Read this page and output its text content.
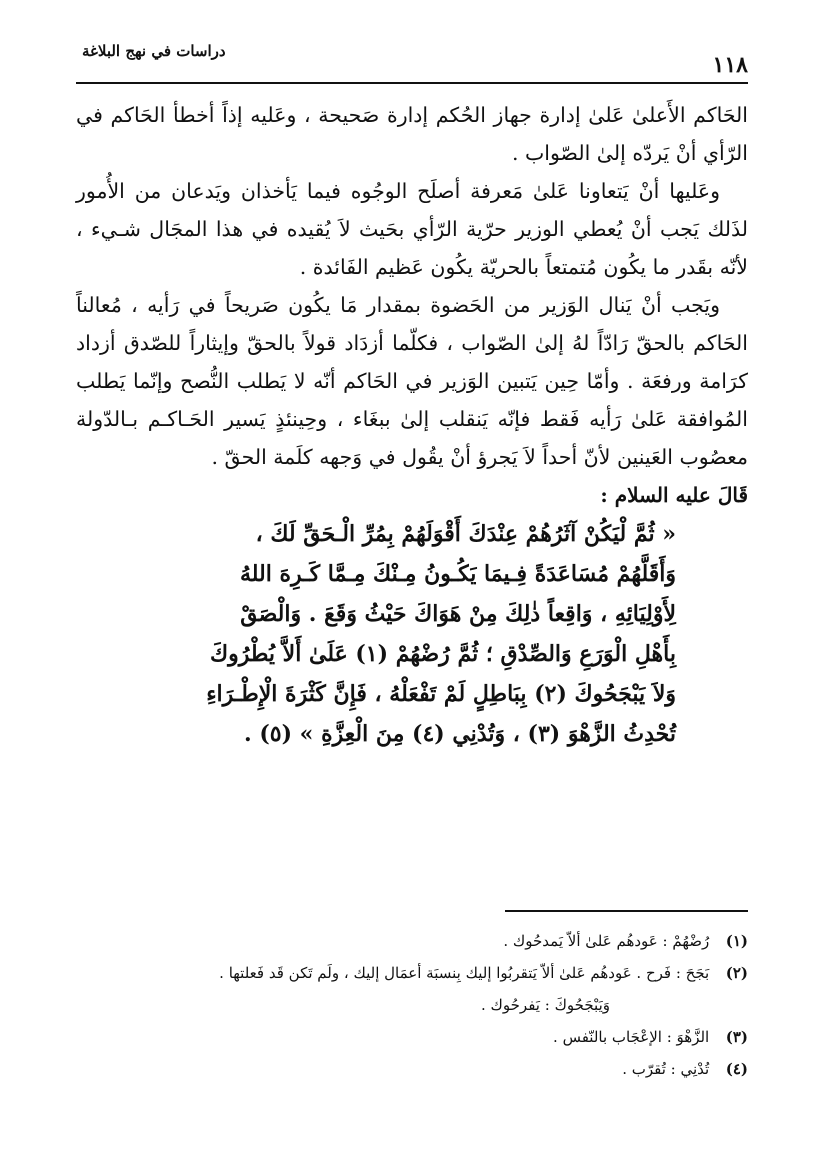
١١٨
دراسات في نهج البلاغة

الحَاكم الأَعلىٰ عَلىٰ إدارة جهاز الحُكم إدارة صَحيحة ، وعَليه إذاً أخطأ الحَاكم في الرّأي أنْ يَردّه إلىٰ الصّواب .

وعَليها أنْ يَتعاونا عَلىٰ مَعرفة أصلَح الوجُوه فيما يَأخذان ويَدعان من الأُمور لذَلك يَجب أنْ يُعطي الوزير حرّية الرّأي بحَيث لاَ يُقيده في هذا المجَال شـيء ، لأنّه بقَدر ما يكُون مُتمتعاً بالحريّة يكُون عَظيم الفَائدة .

ويَجب أنْ يَنال الوَزير من الحَضوة بمقدار مَا يكُون صَريحاً في رَأيه ، مُعالناً الحَاكم بالحقّ رَادّاً لهُ إلىٰ الصّواب ، فكلّما أزدَاد قولاً بالحقّ وإيثاراً للصّدق أزداد كرَامة ورفعَة . وأمّا حِين يَتبين الوَزير في الحَاكم أنّه لا يَطلب النُّصح وإنّما يَطلب المُوافقة عَلىٰ رَأيه فَقط فإنّه يَنقلب إلىٰ ببغَاء ، وحِينئذٍ يَسير الحَـاكـم بـالدّولة معصُوب العَينين لأنّ أحداً لاَ يَجرؤ أنْ يقُول في وَجهه كلَمة الحقّ .

قَالَ عليه السلام :

« ثُمَّ لْيَكُنْ آثَرُهُمْ عِنْدَكَ أَقْوَلَهُمْ بِمُرِّ الْـحَقِّ لَكَ ،
وَأَقَلَّهُمْ مُسَاعَدَةً فِـيمَا يَكُـونُ مِـنْكَ مِـمَّا كَـرِهَ اللهُ
لِأَوْلِيَائِهِ ، وَاقِعاً ذٰلِكَ مِنْ هَوَاكَ حَيْثُ وَقَعَ . وَالْصَقْ
بِأَهْلِ الْوَرَعِ وَالصِّدْقِ ؛ ثُمَّ رُضْهُمْ (١) عَلَىٰ أَلاَّ يُطْرُوكَ
وَلاَ يَبْجَحُوكَ (٢) بِبَاطِلٍ لَمْ تَفْعَلْهُ ، فَإِنَّ كَثْرَةَ الْإِطْـرَاءِ
تُحْدِثُ الزَّهْوَ (٣) ، وَتُدْنِي (٤) مِنَ الْعِزَّةِ » (٥) .

(١) رُضْهُمْ : عَودهُم عَلىٰ ألاّ يَمدحُوك .

(٢) بَجَحَ : فَرح . عَودهُم عَلىٰ ألاّ يَتقربُوا إليك بِنسبَة أعمَال إليك ، ولَم تَكن قَد فَعلتها .

وَيَبْجَحُوكَ : يَفرحُوك .

(٣) الزَّهْوَ : الإعْجَاب بالنّفس .

(٤) تُدْنِي : تُقرّب .
